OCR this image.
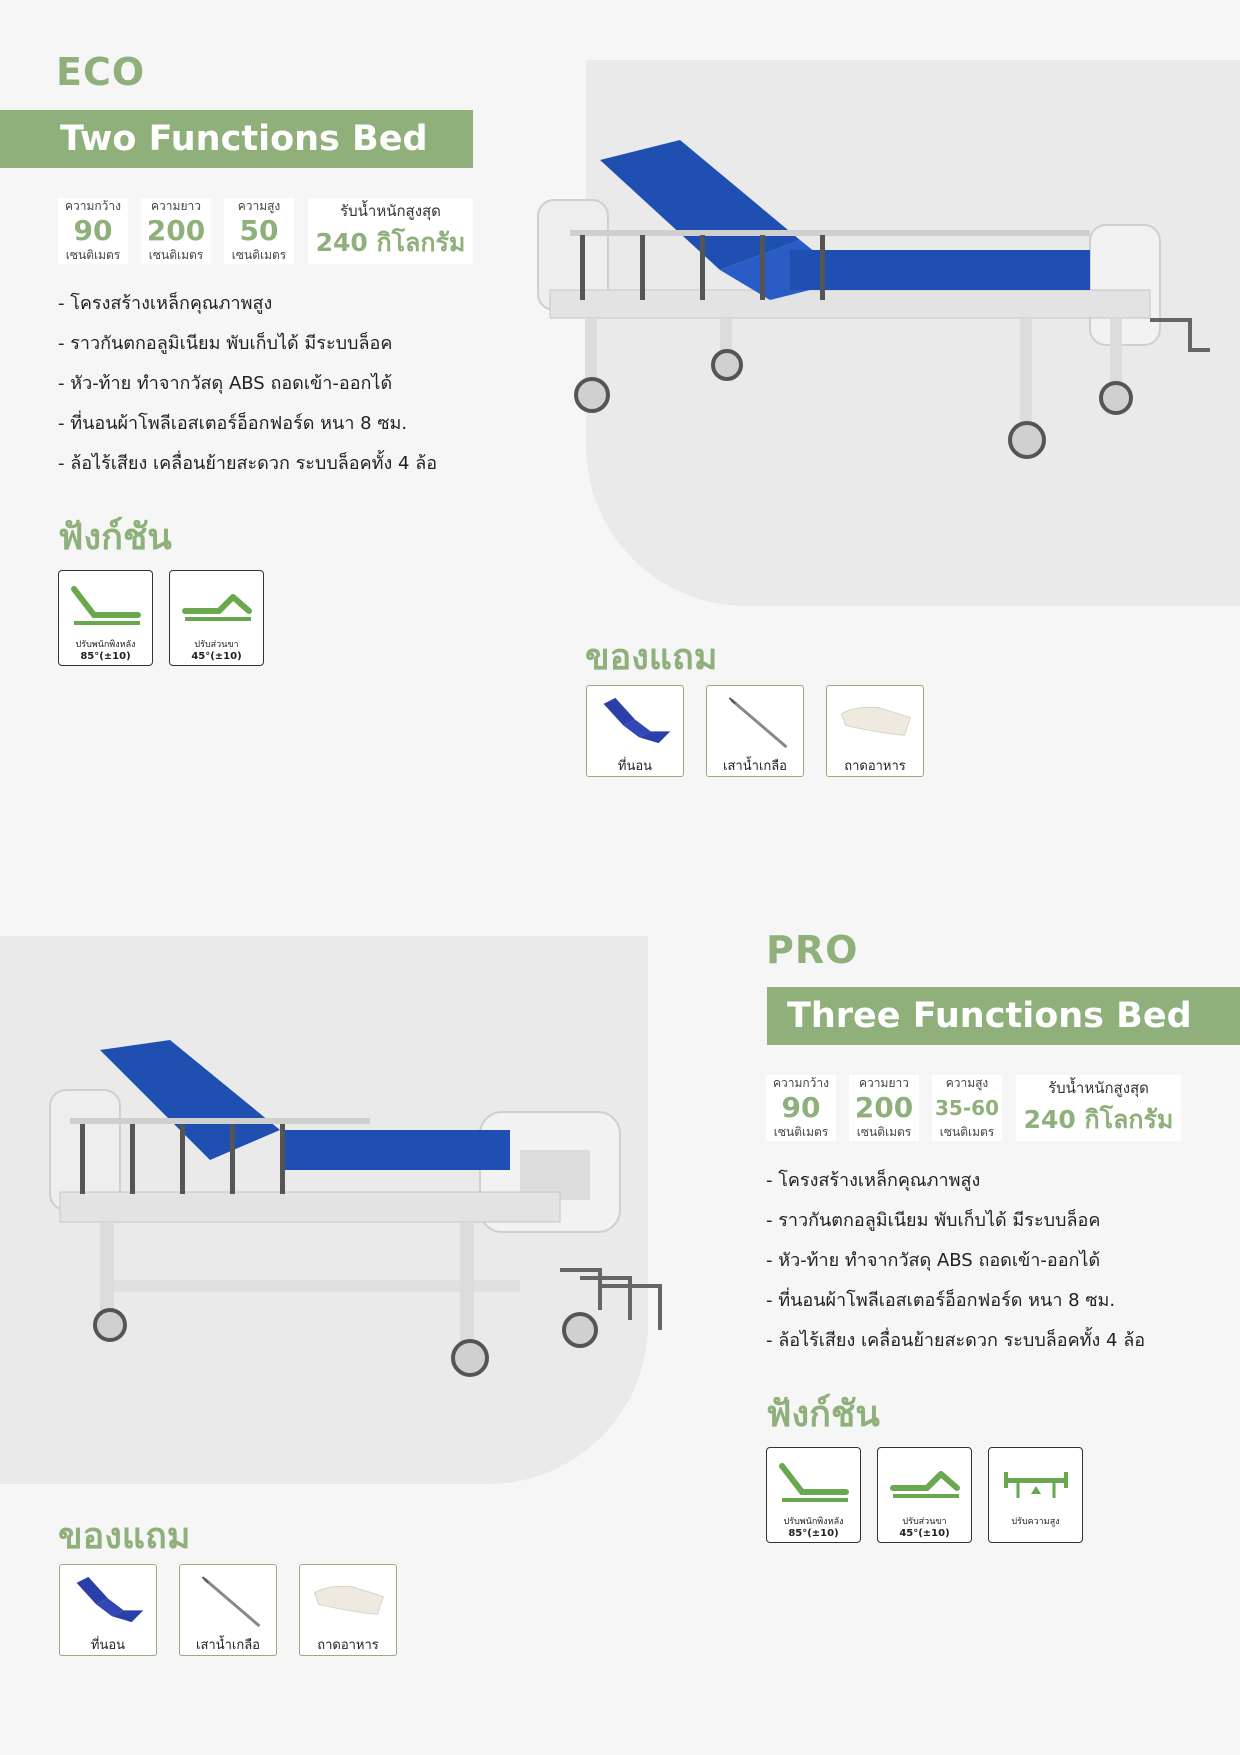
ECO
Two Functions Bed
ความกว้าง
90
เซนติเมตร
ความยาว
200
เซนติเมตร
ความสูง
50
เซนติเมตร
รับน้ำหนักสูงสุด
240 กิโลกรัม
- โครงสร้างเหล็กคุณภาพสูง
- ราวกันตกอลูมิเนียม พับเก็บได้ มีระบบล็อค
- หัว-ท้าย ทำจากวัสดุ ABS ถอดเข้า-ออกได้
- ที่นอนผ้าโพลีเอสเตอร์อ็อกฟอร์ด หนา 8 ซม.
- ล้อไร้เสียง เคลื่อนย้ายสะดวก ระบบล็อคทั้ง 4 ล้อ
ฟังก์ชัน
ปรับพนักพิงหลัง
85°(±10)
ปรับส่วนขา
45°(±10)	ของแถม
ที่นอน	เสาน้ำเกลือ	ถาดอาหาร
PRO
Three Functions Bed
ความกว้าง
90
เซนติเมตร
ความยาว
200
เซนติเมตร
ความสูง
35-60
เซนติเมตร
รับน้ำหนักสูงสุด
240 กิโลกรัม
- โครงสร้างเหล็กคุณภาพสูง
- ราวกันตกอลูมิเนียม พับเก็บได้ มีระบบล็อค
- หัว-ท้าย ทำจากวัสดุ ABS ถอดเข้า-ออกได้
- ที่นอนผ้าโพลีเอสเตอร์อ็อกฟอร์ด หนา 8 ซม.
- ล้อไร้เสียง เคลื่อนย้ายสะดวก ระบบล็อคทั้ง 4 ล้อ
ฟังก์ชัน
ปรับพนักพิงหลัง
85°(±10)
ปรับส่วนขา
45°(±10)
ปรับความสูง
ของแถม
ที่นอน	เสาน้ำเกลือ	ถาดอาหาร
